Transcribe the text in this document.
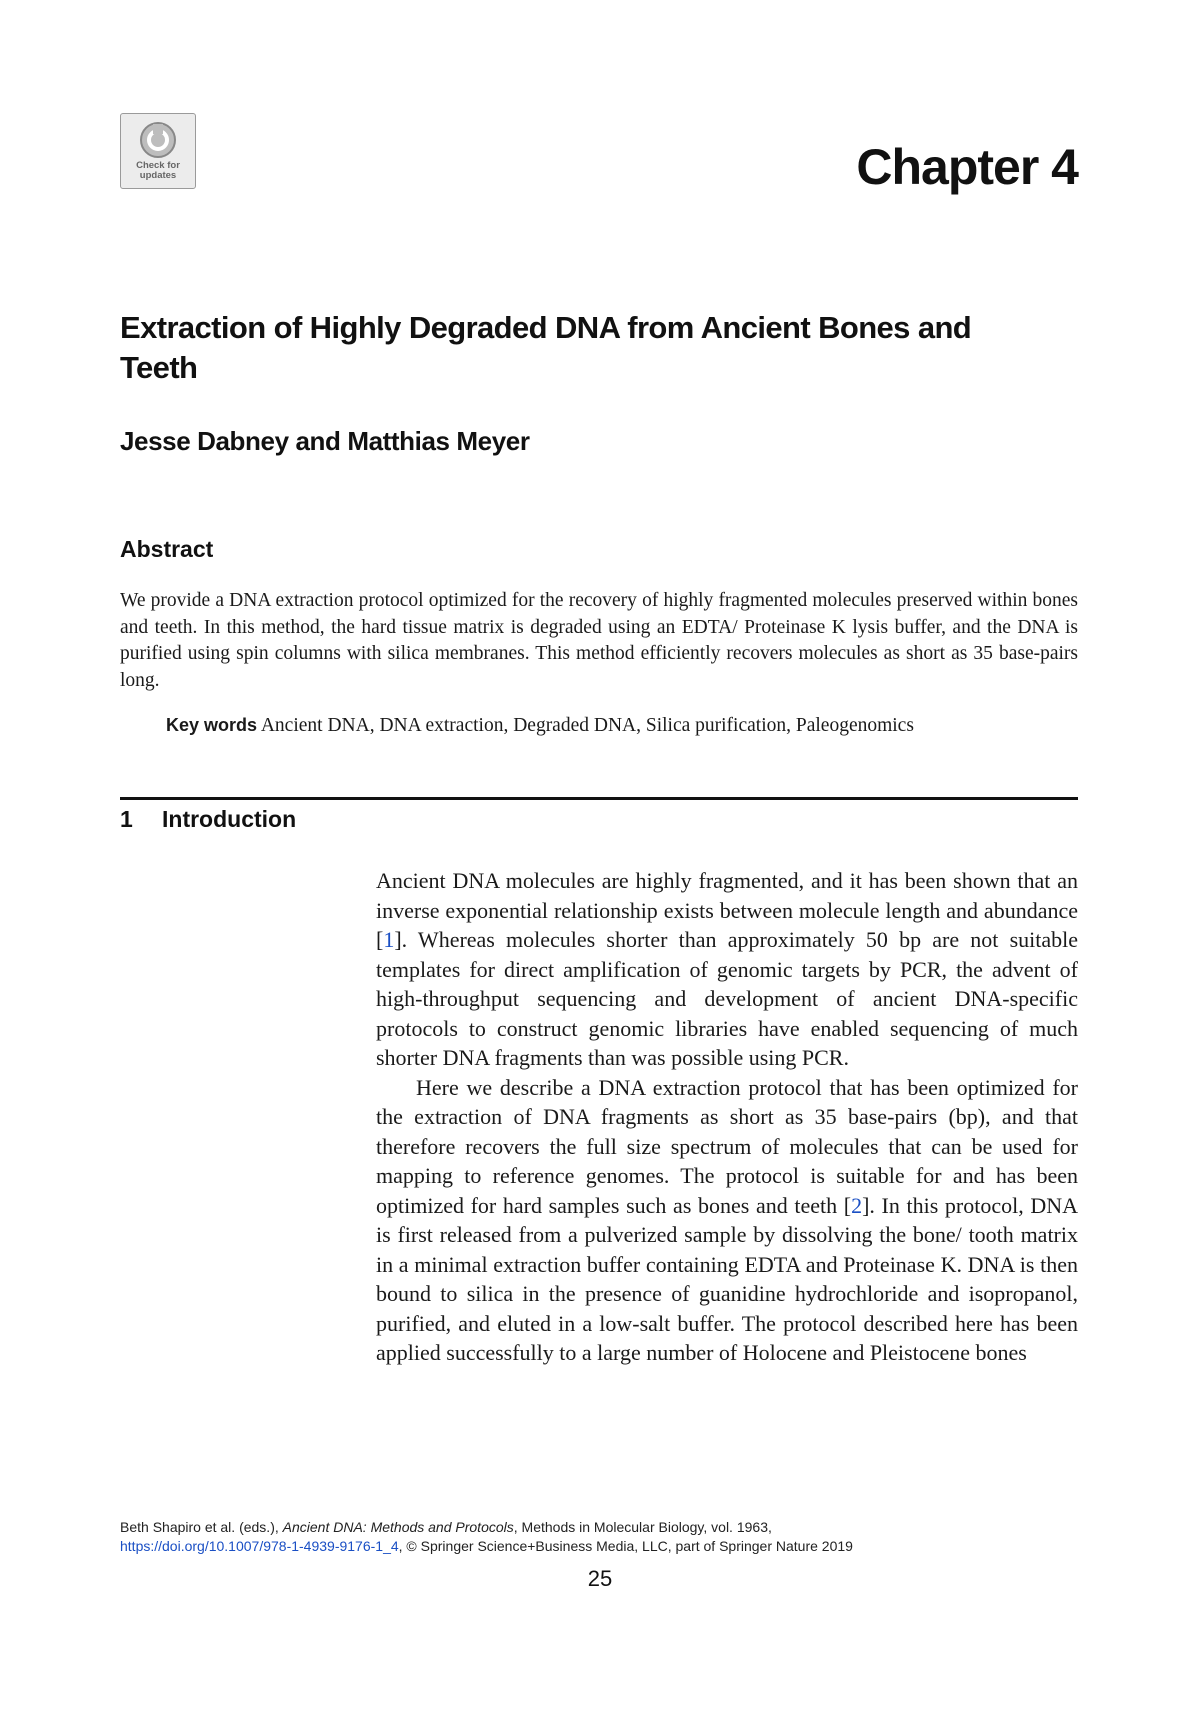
Check for
updates	Chapter 4
Extraction of Highly Degraded DNA from Ancient Bones and Teeth
Jesse Dabney and Matthias Meyer
Abstract

We provide a DNA extraction protocol optimized for the recovery of highly fragmented molecules preserved within bones and teeth. In this method, the hard tissue matrix is degraded using an EDTA/ Proteinase K lysis buffer, and the DNA is purified using spin columns with silica membranes. This method efficiently recovers molecules as short as 35 base-pairs long.

Key words Ancient DNA, DNA extraction, Degraded DNA, Silica purification, Paleogenomics

1 Introduction

Ancient DNA molecules are highly fragmented, and it has been shown that an inverse exponential relationship exists between molecule length and abundance [1]. Whereas molecules shorter than approximately 50 bp are not suitable templates for direct amplification of genomic targets by PCR, the advent of high-throughput sequencing and development of ancient DNA-specific protocols to construct genomic libraries have enabled sequencing of much shorter DNA fragments than was possible using PCR.

Here we describe a DNA extraction protocol that has been optimized for the extraction of DNA fragments as short as 35 base-pairs (bp), and that therefore recovers the full size spectrum of molecules that can be used for mapping to reference genomes. The protocol is suitable for and has been optimized for hard samples such as bones and teeth [2]. In this protocol, DNA is first released from a pulverized sample by dissolving the bone/ tooth matrix in a minimal extraction buffer containing EDTA and Proteinase K. DNA is then bound to silica in the presence of guanidine hydrochloride and isopropanol, purified, and eluted in a low-salt buffer. The protocol described here has been applied successfully to a large number of Holocene and Pleistocene bones

Beth Shapiro et al. (eds.), Ancient DNA: Methods and Protocols, Methods in Molecular Biology, vol. 1963,
https://doi.org/10.1007/978-1-4939-9176-1_4, © Springer Science+Business Media, LLC, part of Springer Nature 2019
25
